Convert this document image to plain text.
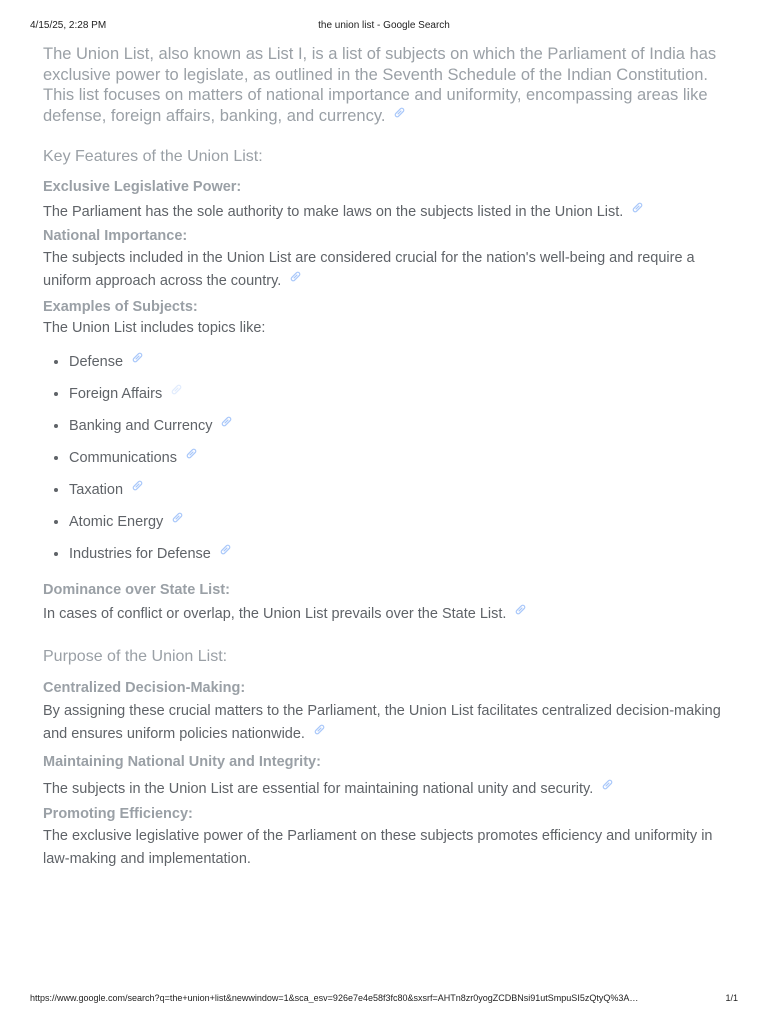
4/15/25, 2:28 PM	the union list - Google Search

The Union List, also known as List I, is a list of subjects on which the Parliament of India has exclusive power to legislate, as outlined in the Seventh Schedule of the Indian Constitution. This list focuses on matters of national importance and uniformity, encompassing areas like defense, foreign affairs, banking, and currency.

Key Features of the Union List:
Exclusive Legislative Power:

The Parliament has the sole authority to make laws on the subjects listed in the Union List.

National Importance:

The subjects included in the Union List are considered crucial for the nation's well-being and require a uniform approach across the country.

Examples of Subjects:

The Union List includes topics like:

• Defense
• Foreign Affairs
• Banking and Currency
• Communications
• Taxation
• Atomic Energy
• Industries for Defense
Dominance over State List:

In cases of conflict or overlap, the Union List prevails over the State List.

Purpose of the Union List:
Centralized Decision-Making:

By assigning these crucial matters to the Parliament, the Union List facilitates centralized decision-making and ensures uniform policies nationwide.

Maintaining National Unity and Integrity:

The subjects in the Union List are essential for maintaining national unity and security.

Promoting Efficiency:

The exclusive legislative power of the Parliament on these subjects promotes efficiency and uniformity in law-making and implementation.

https://www.google.com/search?q=the+union+list&newwindow=1&sca_esv=926e7e4e58f3fc80&sxsrf=AHTn8zr0yogZCDBNsi91utSmpuSI5zQtyQ%3A…	1/1
